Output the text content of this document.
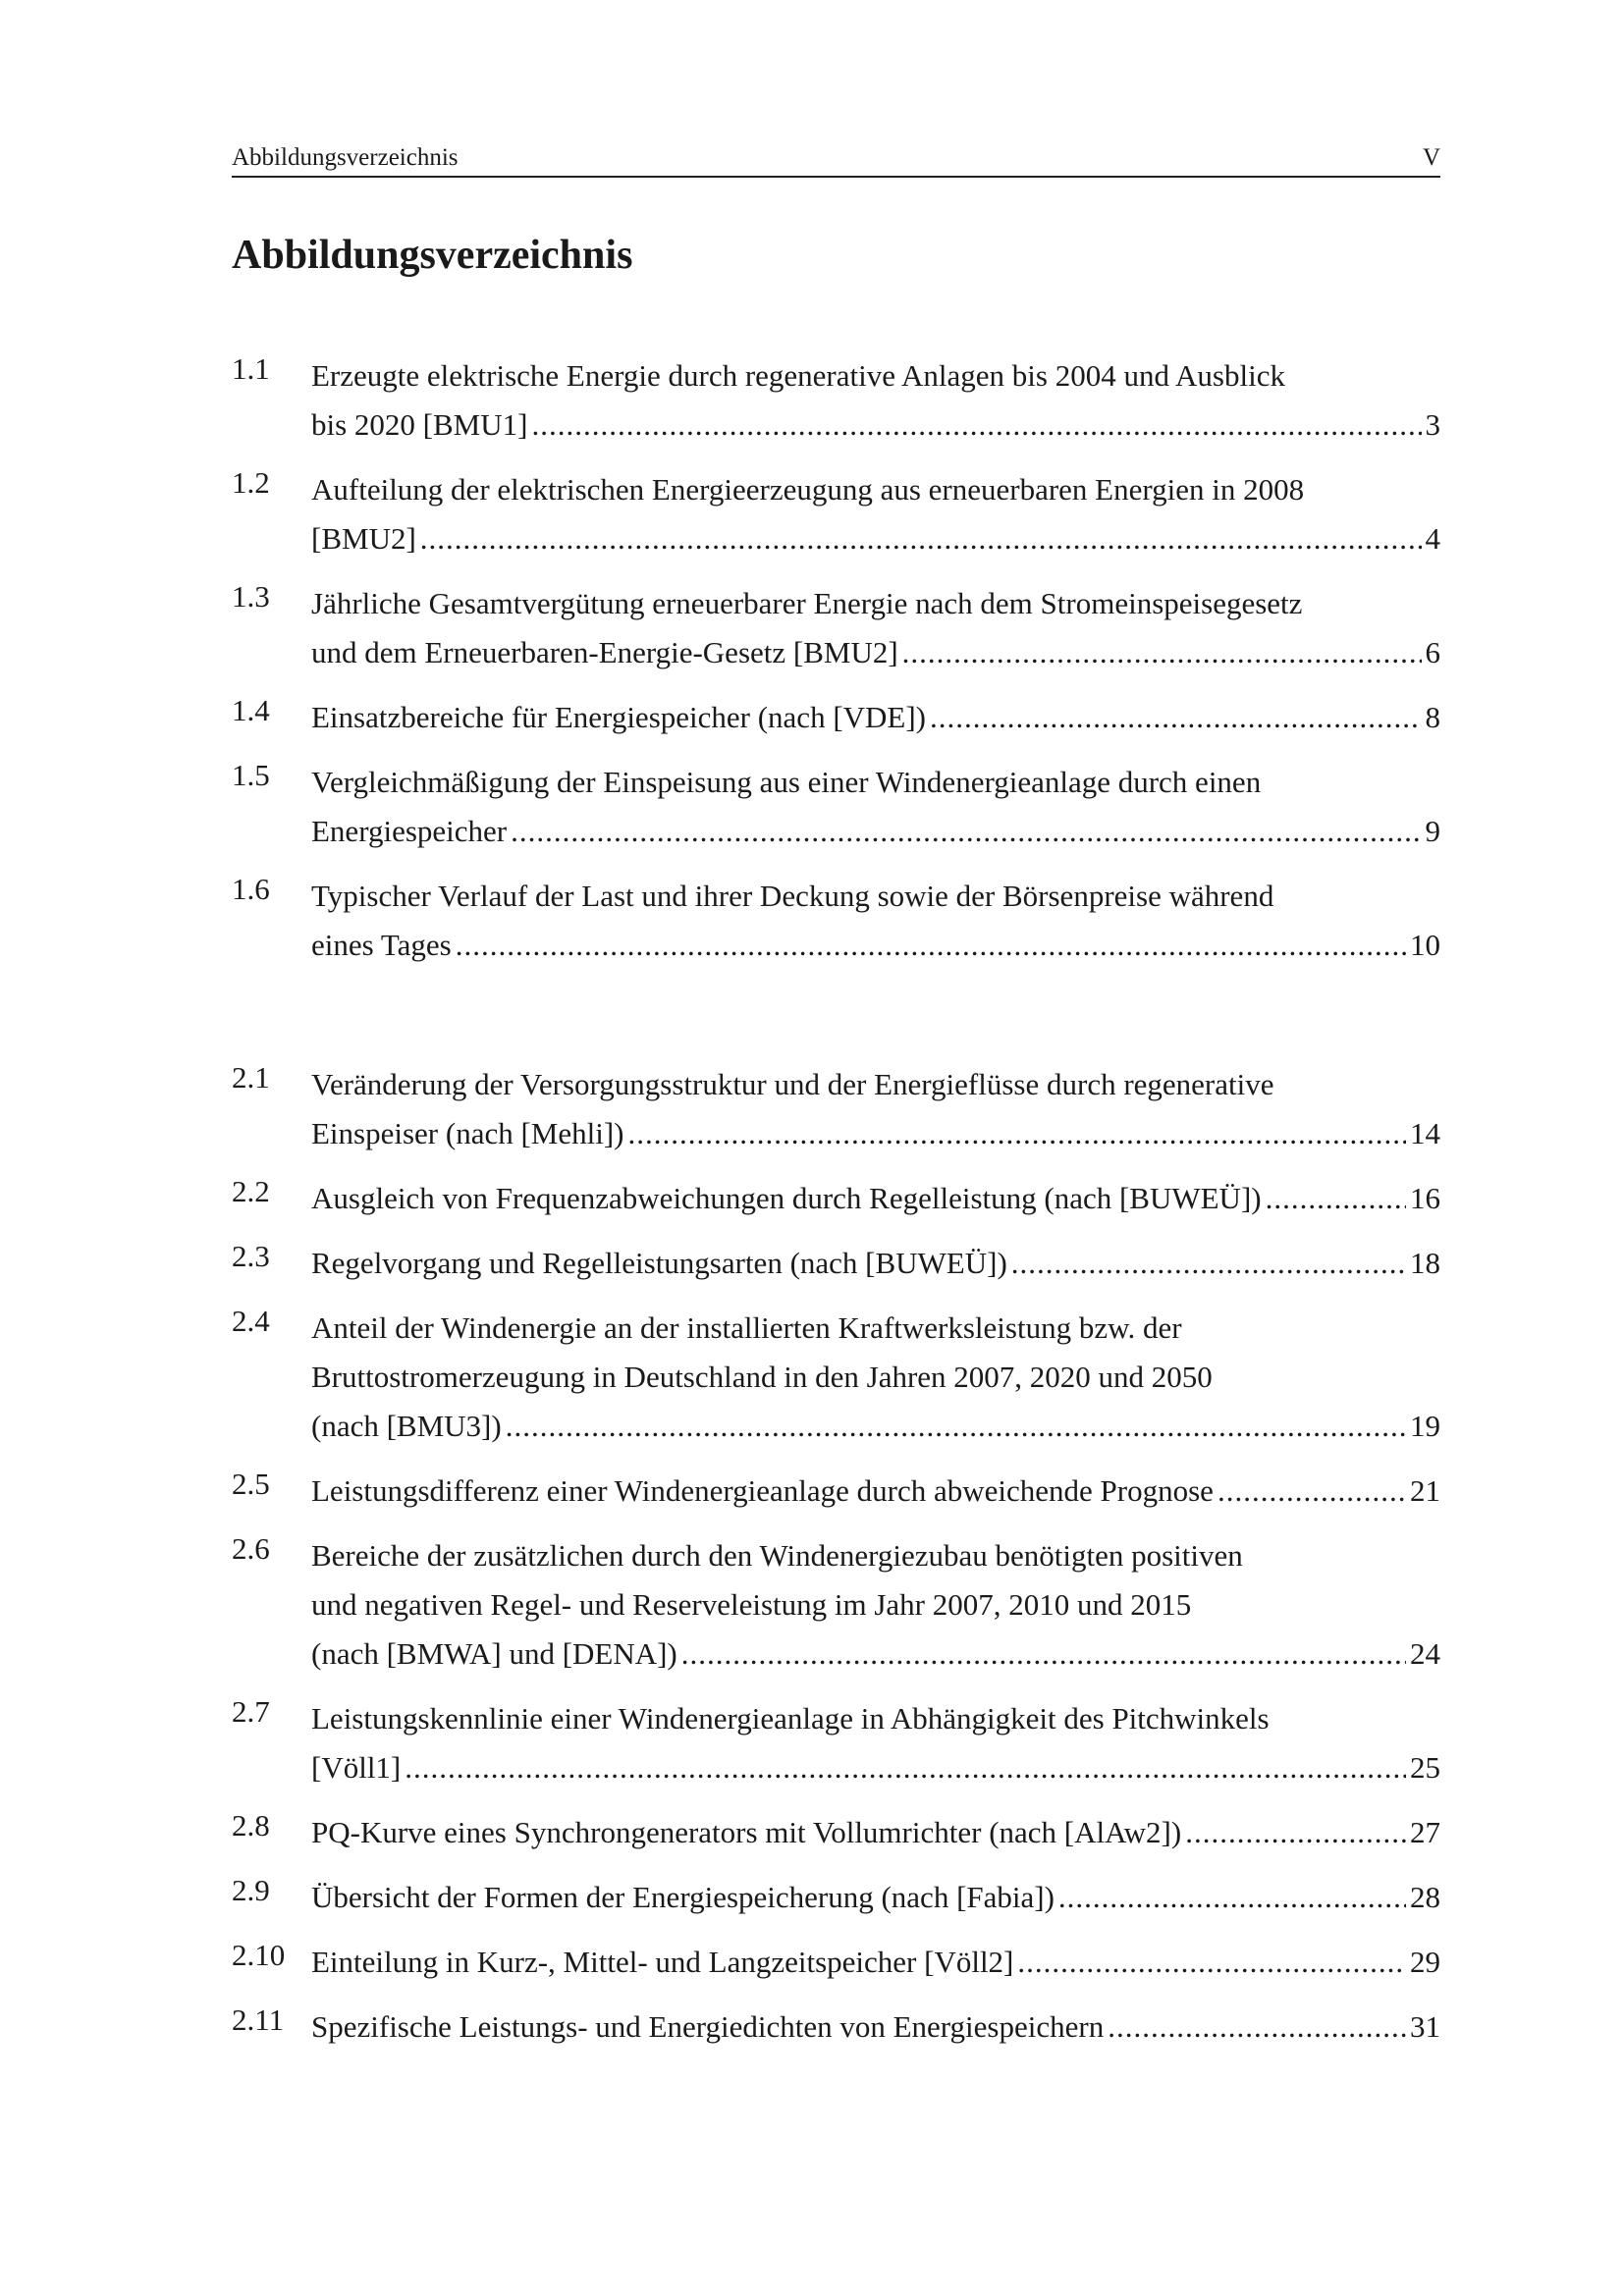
Abbildungsverzeichnis	V
Abbildungsverzeichnis
1.1 Erzeugte elektrische Energie durch regenerative Anlagen bis 2004 und Ausblick
bis 2020 [BMU1] .....	3
1.2 Aufteilung der elektrischen Energieerzeugung aus erneuerbaren Energien in 2008
[BMU2] .....	4
1.3 Jährliche Gesamtvergütung erneuerbarer Energie nach dem Stromeinspeisegesetz
und dem Erneuerbaren-Energie-Gesetz [BMU2] .....	6
1.4 Einsatzbereiche für Energiespeicher (nach [VDE]) .....	8
1.5 Vergleichmäßigung der Einspeisung aus einer Windenergieanlage durch einen
Energiespeicher .....	9
1.6 Typischer Verlauf der Last und ihrer Deckung sowie der Börsenpreise während
eines Tages .....	10
2.1 Veränderung der Versorgungsstruktur und der Energieflüsse durch regenerative
Einspeiser (nach [Mehli]) .....	14
2.2 Ausgleich von Frequenzabweichungen durch Regelleistung (nach [BUWEÜ]) .....	16
2.3 Regelvorgang und Regelleistungsarten (nach [BUWEÜ]) .....	18
2.4 Anteil der Windenergie an der installierten Kraftwerksleistung bzw. der
Bruttostromerzeugung in Deutschland in den Jahren 2007, 2020 und 2050
(nach [BMU3]) .....	19
2.5 Leistungsdifferenz einer Windenergieanlage durch abweichende Prognose .....	21
2.6 Bereiche der zusätzlichen durch den Windenergiezubau benötigten positiven
und negativen Regel- und Reserveleistung im Jahr 2007, 2010 und 2015
(nach [BMWA] und [DENA]) .....	24
2.7 Leistungskennlinie einer Windenergieanlage in Abhängigkeit des Pitchwinkels
[Völl1] .....	25
2.8 PQ-Kurve eines Synchrongenerators mit Vollumrichter (nach [AlAw2]) .....	27
2.9 Übersicht der Formen der Energiespeicherung (nach [Fabia]) .....	28
2.10 Einteilung in Kurz-, Mittel- und Langzeitspeicher [Völl2] .....	29
2.11 Spezifische Leistungs- und Energiedichten von Energiespeichern .....	31
